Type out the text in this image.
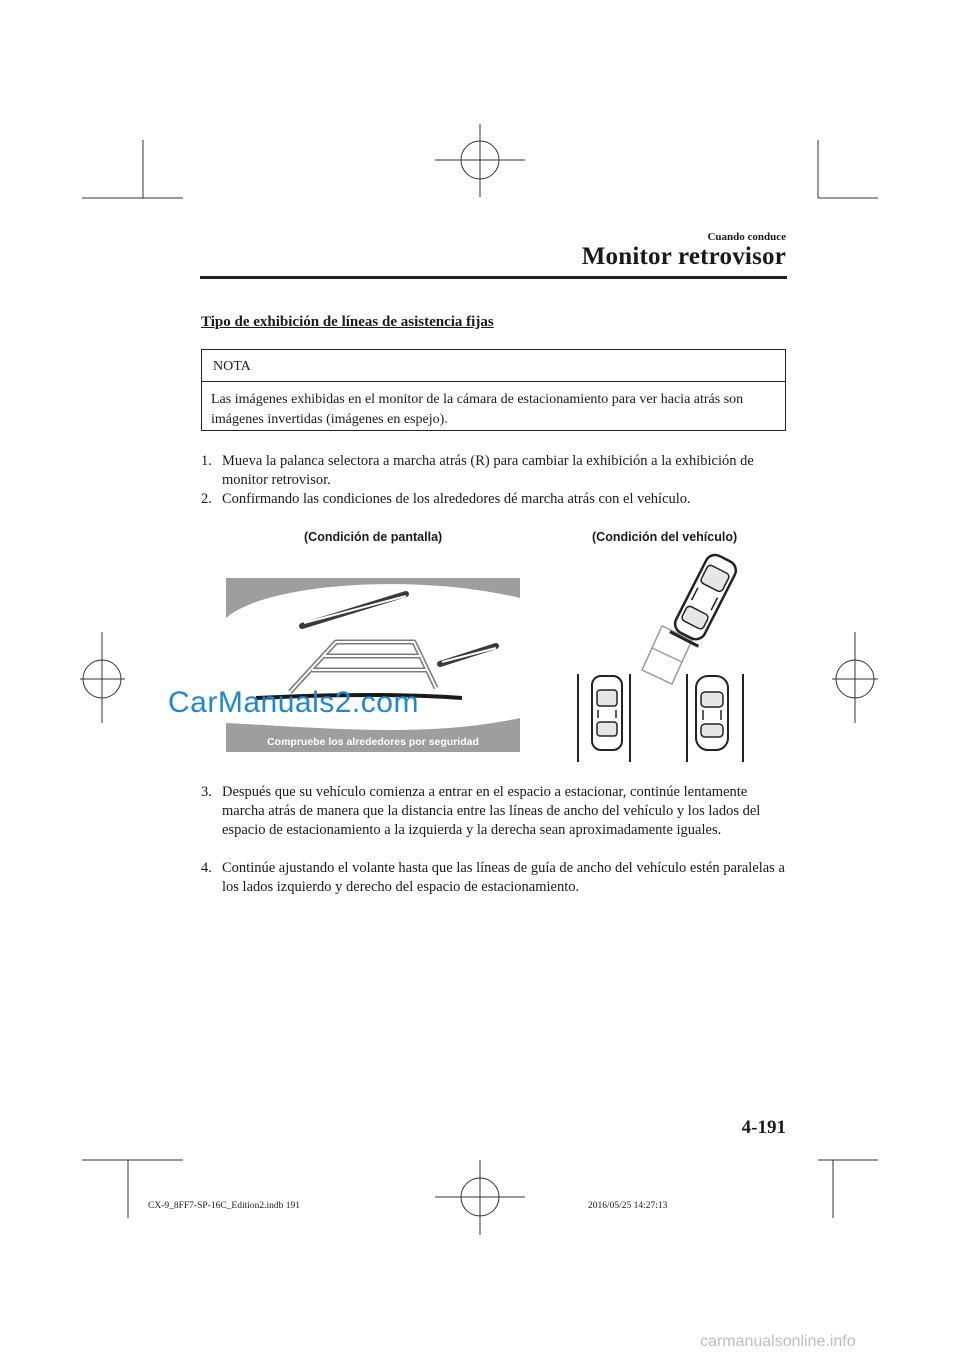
Cuando conduce
Monitor retrovisor
Tipo de exhibición de líneas de asistencia fijas
NOTA
Las imágenes exhibidas en el monitor de la cámara de estacionamiento para ver hacia atrás son imágenes invertidas (imágenes en espejo).
1. Mueva la palanca selectora a marcha atrás (R) para cambiar la exhibición a la exhibición de monitor retrovisor.
2. Confirmando las condiciones de los alrededores dé marcha atrás con el vehículo.
(Condición de pantalla)	(Condición del vehículo)
Compruebe los alrededores por seguridad
CarManuals2.com
3. Después que su vehículo comienza a entrar en el espacio a estacionar, continúe lentamente marcha atrás de manera que la distancia entre las líneas de ancho del vehículo y los lados del espacio de estacionamiento a la izquierda y la derecha sean aproximadamente iguales.
4. Continúe ajustando el volante hasta que las líneas de guía de ancho del vehículo estén paralelas a los lados izquierdo y derecho del espacio de estacionamiento.
4-191
CX-9_8FF7-SP-16C_Edition2.indb 191	2016/05/25 14:27:13
carmanualsonline.info
